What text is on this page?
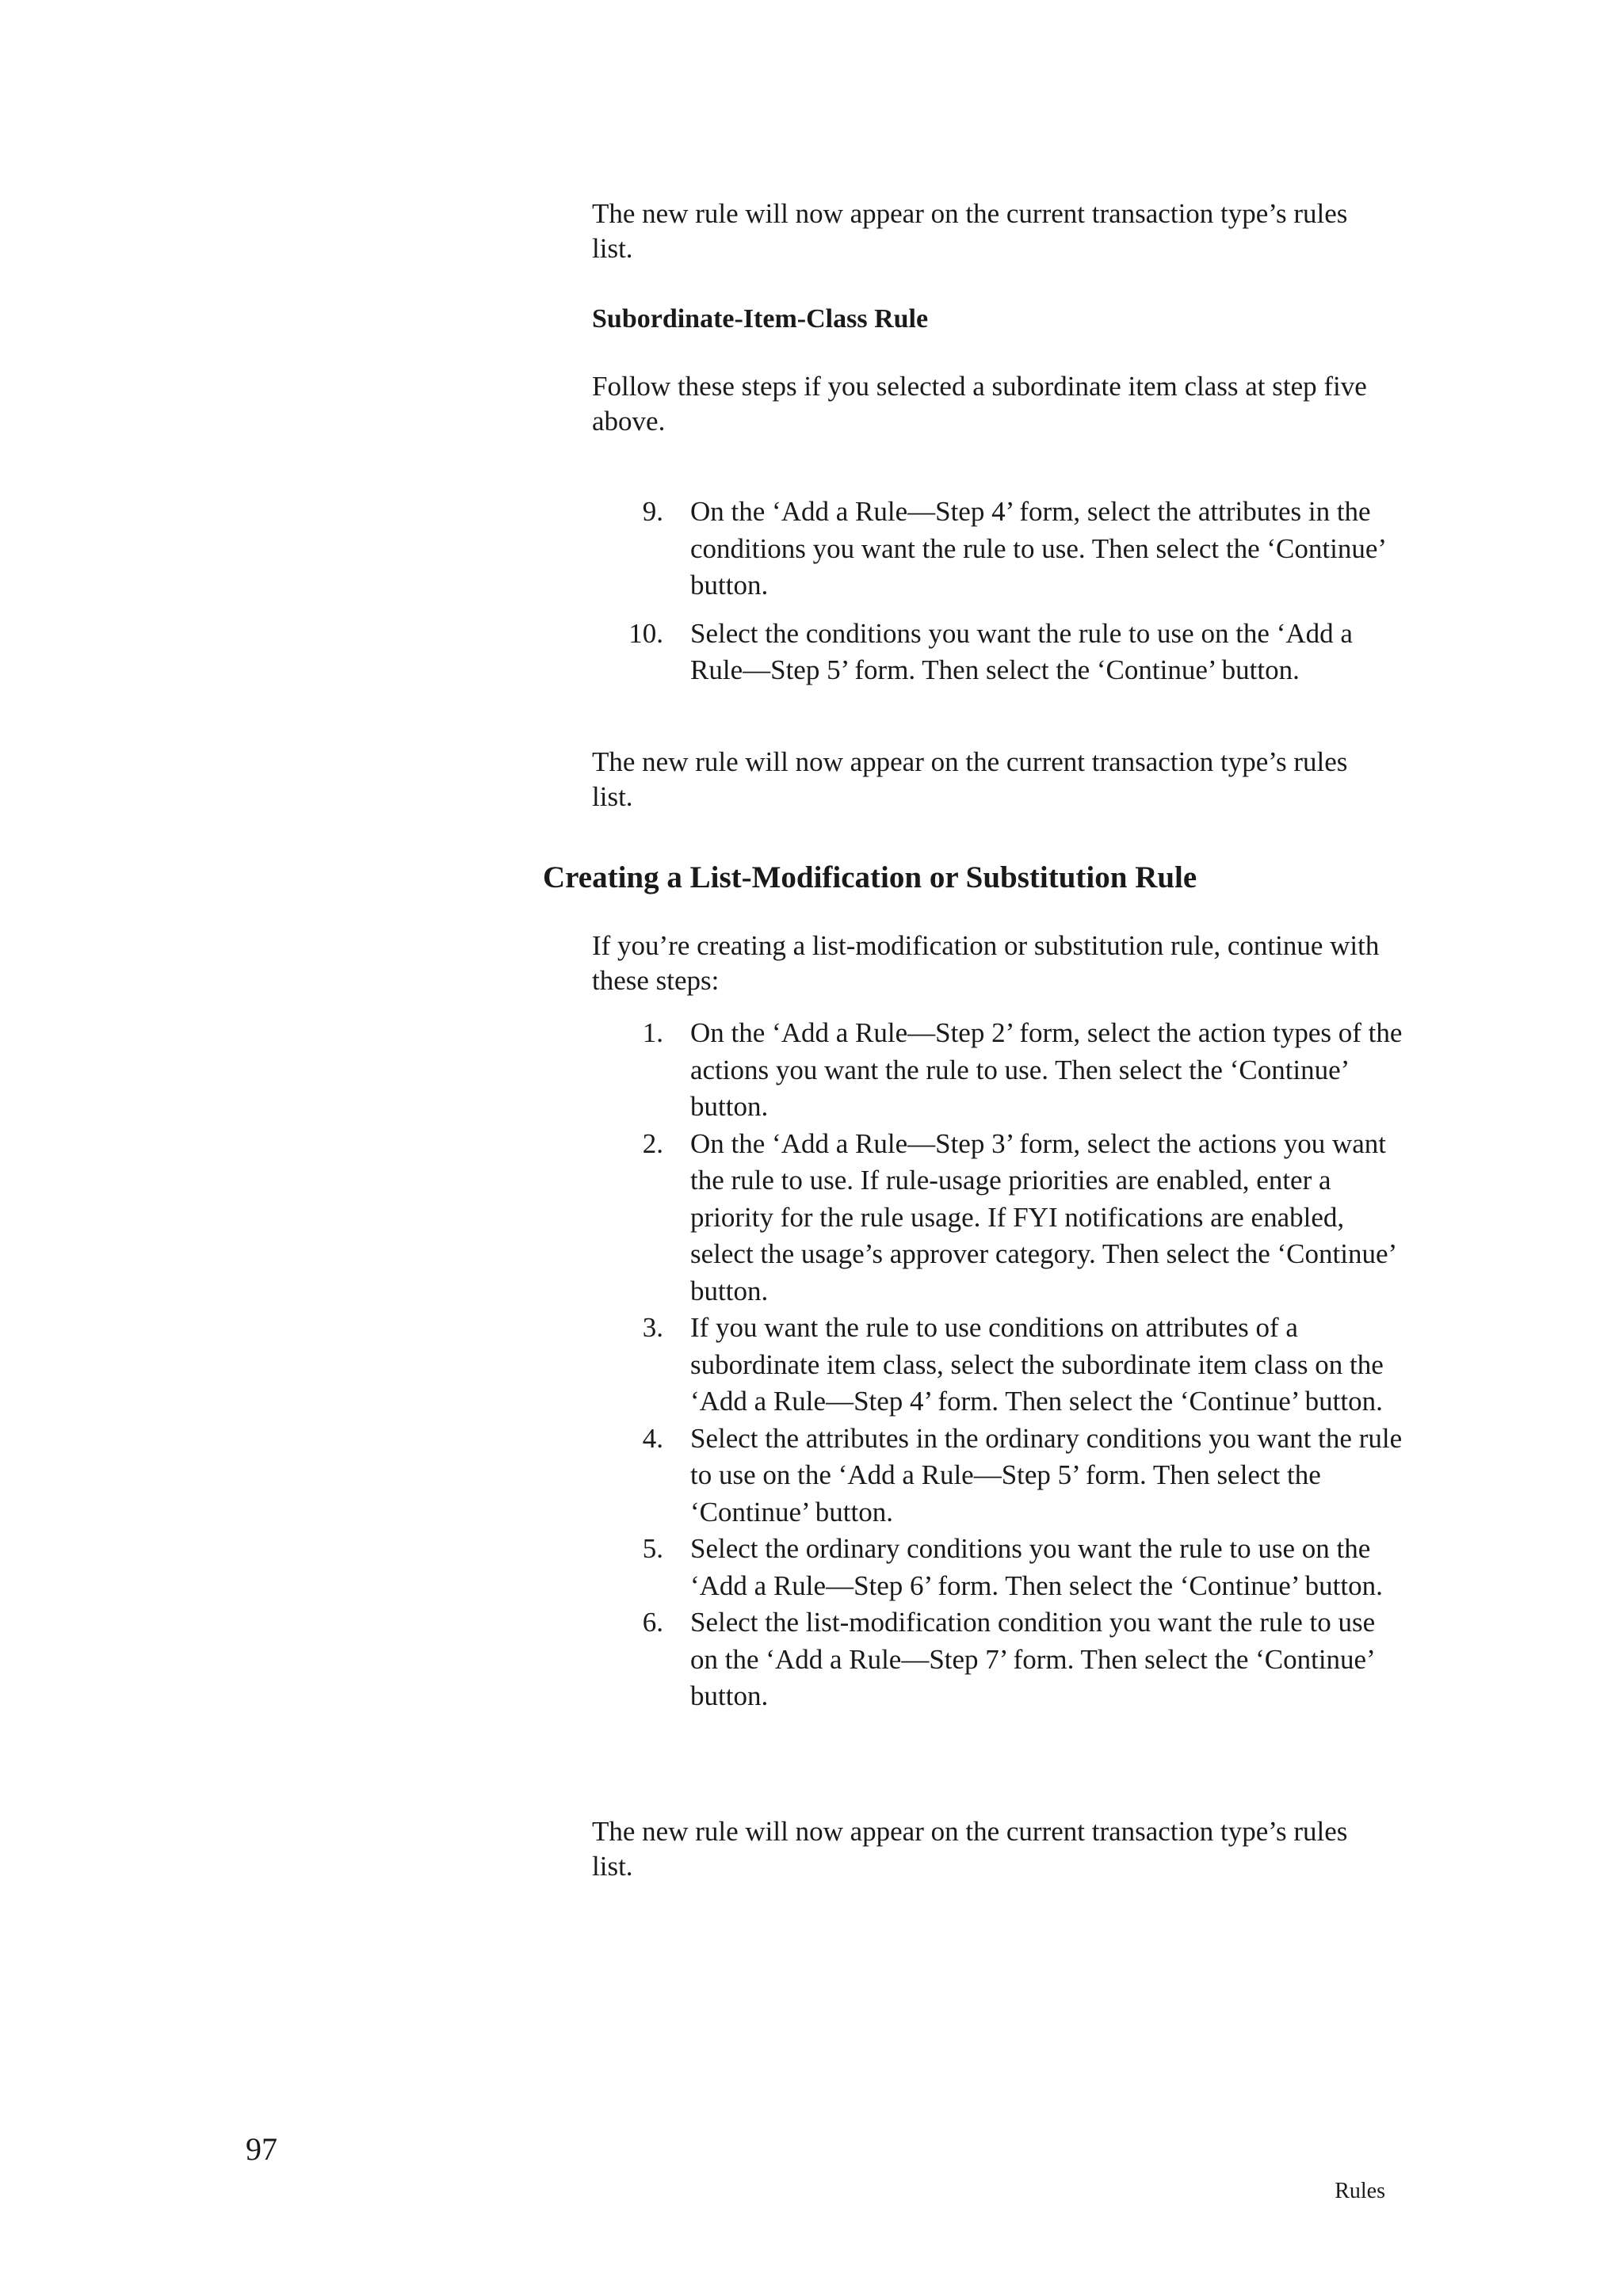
The new rule will now appear on the current transaction type’s rules list.

Subordinate-Item-Class Rule

Follow these steps if you selected a subordinate item class at step five above.

9. On the ‘Add a Rule—Step 4’ form, select the attributes in the conditions you want the rule to use. Then select the ‘Continue’ button.
10. Select the conditions you want the rule to use on the ‘Add a Rule—Step 5’ form. Then select the ‘Continue’ button.

The new rule will now appear on the current transaction type’s rules list.

Creating a List-Modification or Substitution Rule

If you’re creating a list-modification or substitution rule, continue with these steps:

1. On the ‘Add a Rule—Step 2’ form, select the action types of the actions you want the rule to use. Then select the ‘Continue’ button.
2. On the ‘Add a Rule—Step 3’ form, select the actions you want the rule to use. If rule-usage priorities are enabled, enter a priority for the rule usage. If FYI notifications are enabled, select the usage’s approver category. Then select the ‘Continue’ button.
3. If you want the rule to use conditions on attributes of a subordinate item class, select the subordinate item class on the ‘Add a Rule—Step 4’ form. Then select the ‘Continue’ button.
4. Select the attributes in the ordinary conditions you want the rule to use on the ‘Add a Rule—Step 5’ form. Then select the ‘Continue’ button.
5. Select the ordinary conditions you want the rule to use on the ‘Add a Rule—Step 6’ form. Then select the ‘Continue’ button.
6. Select the list-modification condition you want the rule to use on the ‘Add a Rule—Step 7’ form. Then select the ‘Continue’ button.

The new rule will now appear on the current transaction type’s rules list.

97

Rules
